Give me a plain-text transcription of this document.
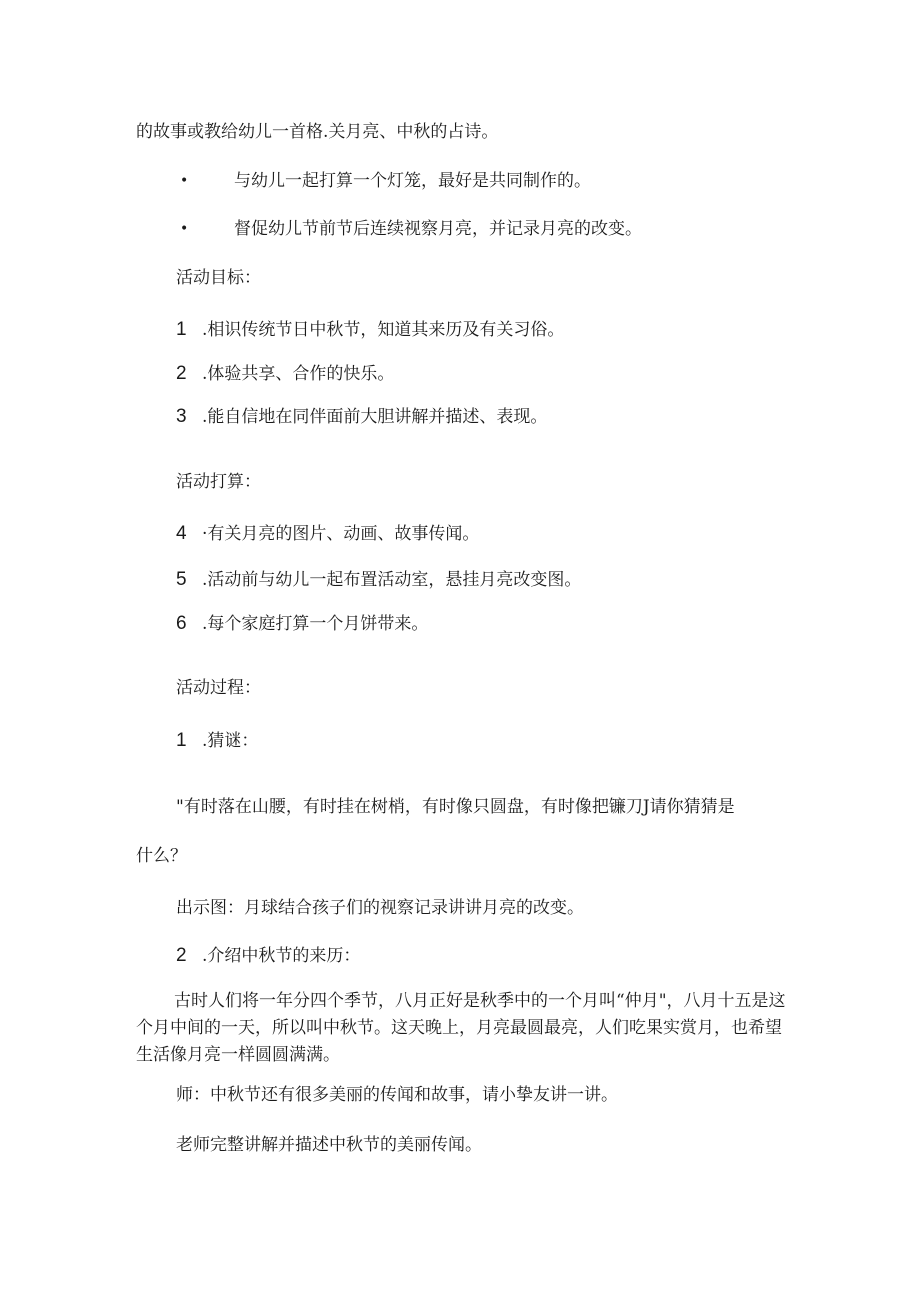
的故事或教给幼儿一首格.关月亮、中秋的占诗。
•	与幼儿一起打算一个灯笼，最好是共同制作的。
•	督促幼儿节前节后连续视察月亮，并记录月亮的改变。
活动目标：
1 .相识传统节日中秋节，知道其来历及有关习俗。
2 .体验共享、合作的快乐。
3 .能自信地在同伴面前大胆讲解并描述、表现。
活动打算：
4 ·有关月亮的图片、动画、故事传闻。
5 .活动前与幼儿一起布置活动室，悬挂月亮改变图。
6 .每个家庭打算一个月饼带来。
活动过程：
1 .猜谜：
"有时落在山腰，有时挂在树梢，有时像只圆盘，有时像把镰刀J请你猜猜是
什么？
出示图：月球结合孩子们的视察记录讲讲月亮的改变。
2 .介绍中秋节的来历：
古时人们将一年分四个季节，八月正好是秋季中的一个月叫“仲月"，八月十五是这个月中间的一天，所以叫中秋节。这天晚上，月亮最圆最亮，人们吃果实赏月，也希望生活像月亮一样圆圆满满。
师：中秋节还有很多美丽的传闻和故事，请小挚友讲一讲。
老师完整讲解并描述中秋节的美丽传闻。
